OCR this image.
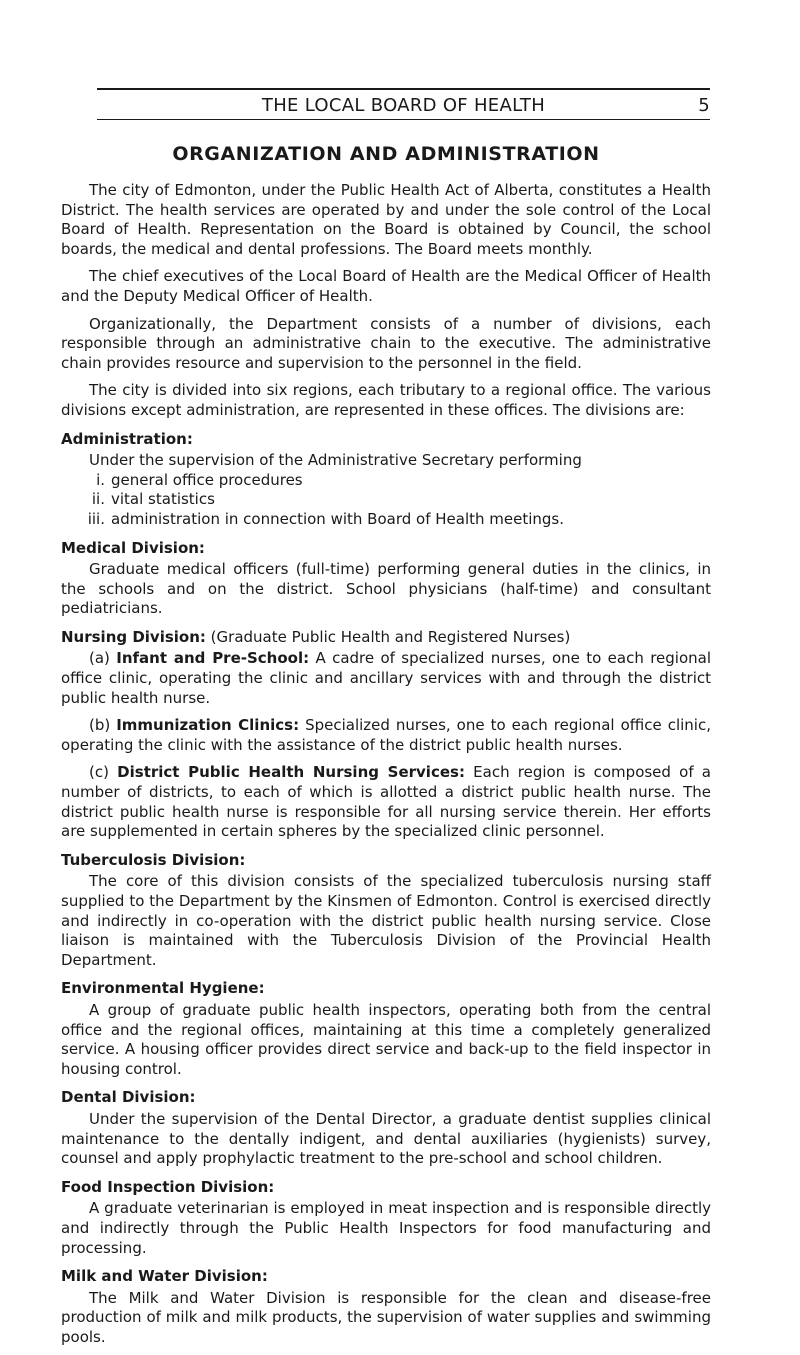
THE LOCAL BOARD OF HEALTH	5
ORGANIZATION AND ADMINISTRATION

The city of Edmonton, under the Public Health Act of Alberta, constitutes a Health District. The health services are operated by and under the sole control of the Local Board of Health. Representation on the Board is obtained by Council, the school boards, the medical and dental professions. The Board meets monthly.

The chief executives of the Local Board of Health are the Medical Officer of Health and the Deputy Medical Officer of Health.

Organizationally, the Department consists of a number of divisions, each responsible through an administrative chain to the executive. The administrative chain provides resource and supervision to the personnel in the field.

The city is divided into six regions, each tributary to a regional office. The various divisions except administration, are represented in these offices. The divisions are:

Administration:

Under the supervision of the Administrative Secretary performing

i. general office procedures
ii. vital statistics
iii. administration in connection with Board of Health meetings.
Medical Division:

Graduate medical officers (full-time) performing general duties in the clinics, in the schools and on the district. School physicians (half-time) and consultant pediatricians.

Nursing Division: (Graduate Public Health and Registered Nurses)

(a) Infant and Pre-School: A cadre of specialized nurses, one to each regional office clinic, operating the clinic and ancillary services with and through the district public health nurse.

(b) Immunization Clinics: Specialized nurses, one to each regional office clinic, operating the clinic with the assistance of the district public health nurses.

(c) District Public Health Nursing Services: Each region is composed of a number of districts, to each of which is allotted a district public health nurse. The district public health nurse is responsible for all nursing service therein. Her efforts are supplemented in certain spheres by the specialized clinic personnel.

Tuberculosis Division:

The core of this division consists of the specialized tuberculosis nursing staff supplied to the Department by the Kinsmen of Edmonton. Control is exercised directly and indirectly in co-operation with the district public health nursing service. Close liaison is maintained with the Tuberculosis Division of the Provincial Health Department.

Environmental Hygiene:

A group of graduate public health inspectors, operating both from the central office and the regional offices, maintaining at this time a completely generalized service. A housing officer provides direct service and back-up to the field inspector in housing control.

Dental Division:

Under the supervision of the Dental Director, a graduate dentist supplies clinical maintenance to the dentally indigent, and dental auxiliaries (hygienists) survey, counsel and apply prophylactic treatment to the pre-school and school children.

Food Inspection Division:

A graduate veterinarian is employed in meat inspection and is responsible directly and indirectly through the Public Health Inspectors for food manufacturing and processing.

Milk and Water Division:

The Milk and Water Division is responsible for the clean and disease-free production of milk and milk products, the supervision of water supplies and swimming pools.
